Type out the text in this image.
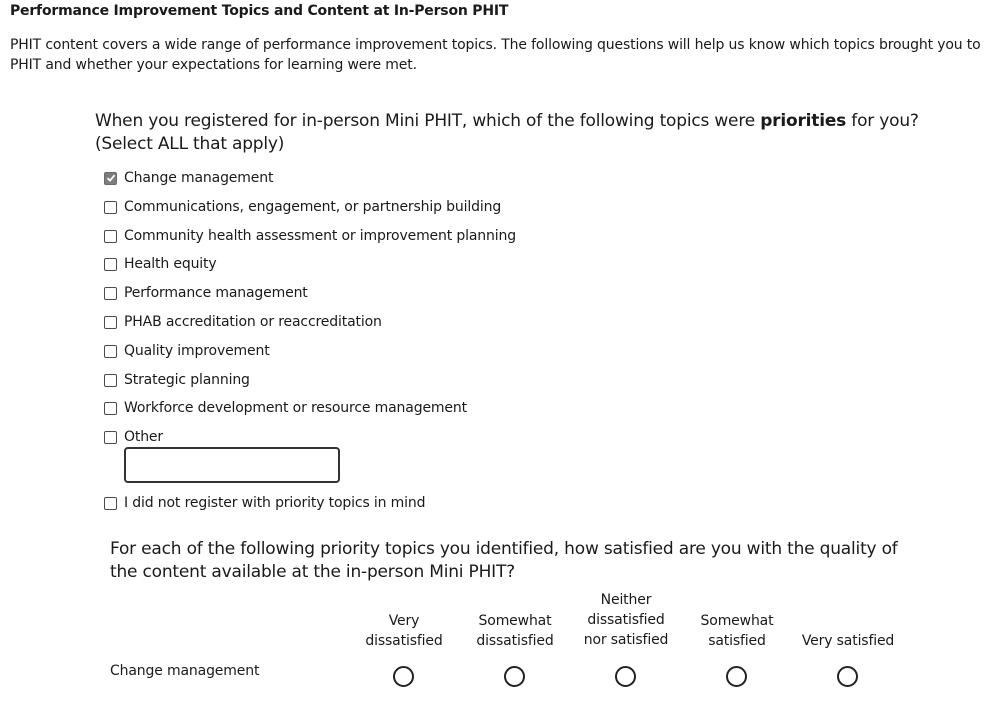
Performance Improvement Topics and Content at In-Person PHIT
PHIT content covers a wide range of performance improvement topics. The following questions will help us know which topics brought you to PHIT and whether your expectations for learning were met.
When you registered for in-person Mini PHIT, which of the following topics were priorities for you? (Select ALL that apply)
Change management
Communications, engagement, or partnership building
Community health assessment or improvement planning
Health equity
Performance management
PHAB accreditation or reaccreditation
Quality improvement
Strategic planning
Workforce development or resource management
Other
I did not register with priority topics in mind
For each of the following priority topics you identified, how satisfied are you with the quality of the content available at the in-person Mini PHIT?
Very
dissatisfied
Somewhat
dissatisfied
Neither
dissatisfied
nor satisfied
Somewhat
satisfied	Very satisfied
Change management
